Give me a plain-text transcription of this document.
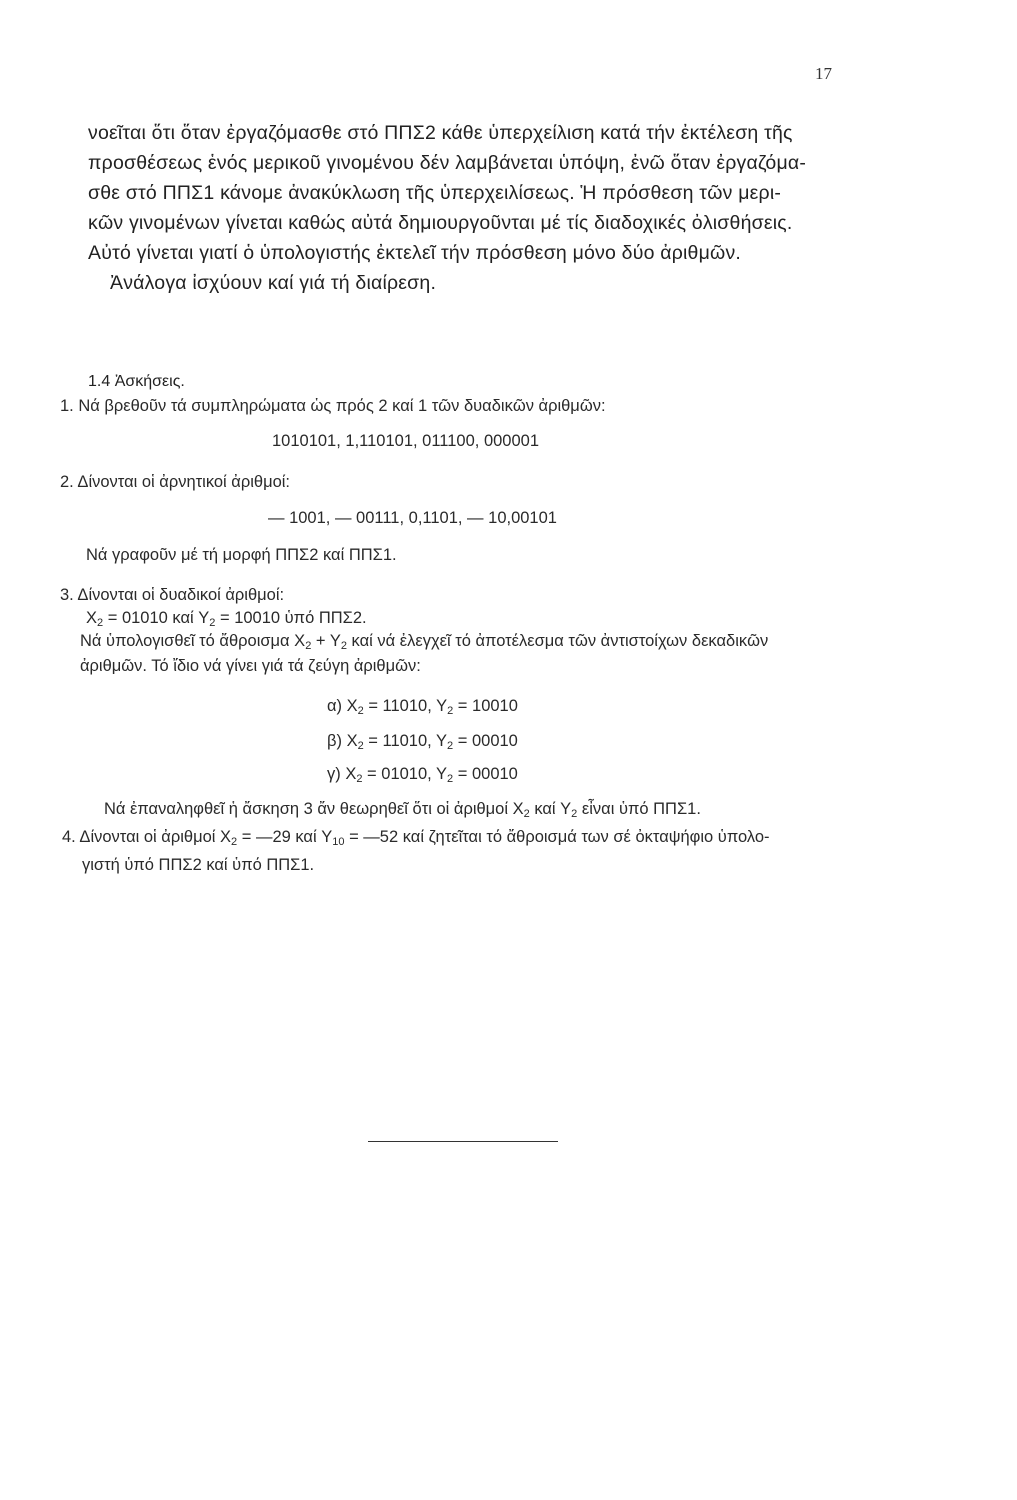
17

νοεῖται ὅτι ὅταν ἐργαζόμασθε στό ΠΠΣ2 κάθε ὑπερχείλιση κατά τήν ἐκτέλεση τῆς

προσθέσεως ἑνός μερικοῦ γινομένου δέν λαμβάνεται ὑπόψη, ἐνῶ ὅταν ἐργαζόμα-

σθε στό ΠΠΣ1 κάνομε ἀνακύκλωση τῆς ὑπερχειλίσεως. Ἡ πρόσθεση τῶν μερι-

κῶν γινομένων γίνεται καθώς αὐτά δημιουργοῦνται μέ τίς διαδοχικές ὀλισθήσεις.

Αὐτό γίνεται γιατί ὁ ὑπολογιστής ἐκτελεῖ τήν πρόσθεση μόνο δύο ἀριθμῶν.

Ἀνάλογα ἰσχύουν καί γιά τή διαίρεση.

1.4 Ἀσκήσεις.
1. Νά βρεθοῦν τά συμπληρώματα ὡς πρός 2 καί 1 τῶν δυαδικῶν ἀριθμῶν:
1010101, 1,110101, 011100, 000001
2. Δίνονται οἱ ἀρνητικοί ἀριθμοί:
— 1001, — 00111, 0,1101, — 10,00101
Νά γραφοῦν μέ τή μορφή ΠΠΣ2 καί ΠΠΣ1.
3. Δίνονται οἱ δυαδικοί ἀριθμοί:
$X_2 = 01010$ καί $Y_2 = 10010$ ὑπό ΠΠΣ2.
Νά ὑπολογισθεῖ τό ἄθροισμα $X_2 + Y_2$ καί νά ἐλεγχεῖ τό ἀποτέλεσμα τῶν ἀντιστοίχων δεκαδικῶν
ἀριθμῶν. Τό ἴδιο νά γίνει γιά τά ζεύγη ἀριθμῶν:
α) $X_2 = 11010$, $Y_2 = 10010$
β) $X_2 = 11010$, $Y_2 = 00010$
γ) $X_2 = 01010$, $Y_2 = 00010$
Νά ἐπαναληφθεῖ ἡ ἄσκηση 3 ἄν θεωρηθεῖ ὅτι οἱ ἀριθμοί $X_2$ καί $Y_2$ εἶναι ὑπό ΠΠΣ1.
4. Δίνονται οἱ ἀριθμοί $X_2$ = —29 καί $Y_{10}$ = —52 καί ζητεῖται τό ἄθροισμά των σέ ὀκταψήφιο ὑπολο-
γιστή ὑπό ΠΠΣ2 καί ὑπό ΠΠΣ1.
